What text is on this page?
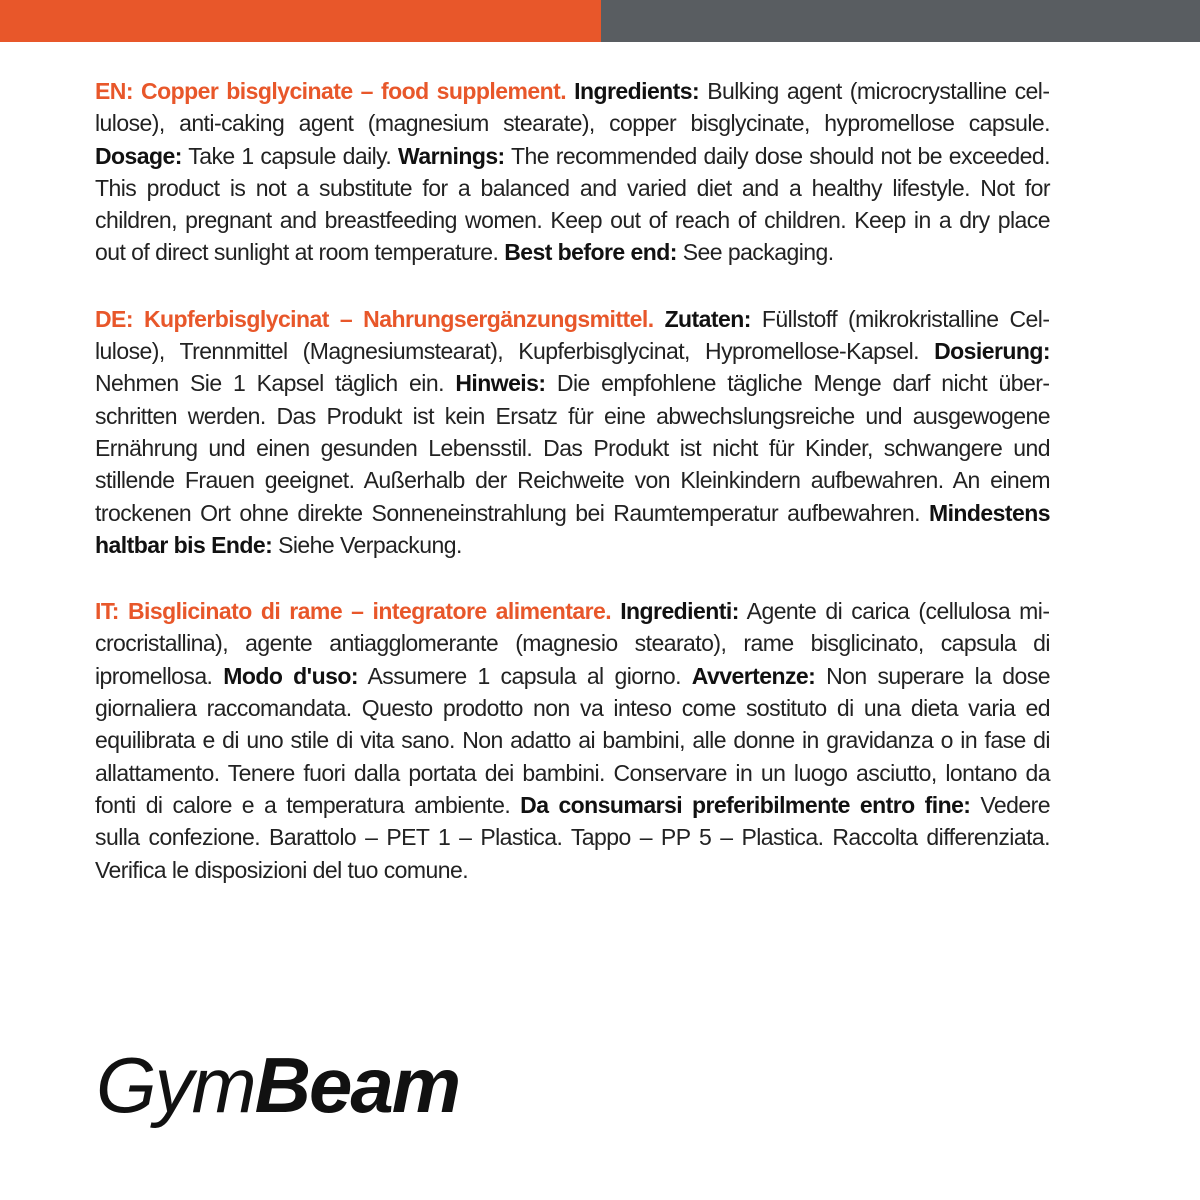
EN: Copper bisglycinate – food supplement. Ingredients: Bulking agent (microcrystalline cellulose), anti-caking agent (magnesium stearate), copper bisglycinate, hypromellose capsule. Dosage: Take 1 capsule daily. Warnings: The recommended daily dose should not be exceeded. This product is not a substitute for a balanced and varied diet and a healthy lifestyle. Not for children, pregnant and breastfeeding women. Keep out of reach of children. Keep in a dry place out of direct sunlight at room temperature. Best before end: See packaging.

DE: Kupferbisglycinat – Nahrungsergänzungsmittel. Zutaten: Füllstoff (mikrokristalline Cellulose), Trennmittel (Magnesiumstearat), Kupferbisglycinat, Hypromellose-Kapsel. Dosierung: Nehmen Sie 1 Kapsel täglich ein. Hinweis: Die empfohlene tägliche Menge darf nicht überschritten werden. Das Produkt ist kein Ersatz für eine abwechslungsreiche und ausgewogene Ernährung und einen gesunden Lebensstil. Das Produkt ist nicht für Kinder, schwangere und stillende Frauen geeignet. Außerhalb der Reichweite von Kleinkindern aufbewahren. An einem trockenen Ort ohne direkte Sonneneinstrahlung bei Raumtemperatur aufbewahren. Mindestens haltbar bis Ende: Siehe Verpackung.

IT: Bisglicinato di rame – integratore alimentare. Ingredienti: Agente di carica (cellulosa microcristallina), agente antiagglomerante (magnesio stearato), rame bisglicinato, capsula di ipromellosa. Modo d'uso: Assumere 1 capsula al giorno. Avvertenze: Non superare la dose giornaliera raccomandata. Questo prodotto non va inteso come sostituto di una dieta varia ed equilibrata e di uno stile di vita sano. Non adatto ai bambini, alle donne in gravidanza o in fase di allattamento. Tenere fuori dalla portata dei bambini. Conservare in un luogo asciutto, lontano da fonti di calore e a temperatura ambiente. Da consumarsi preferibilmente entro fine: Vedere sulla confezione. Barattolo – PET 1 – Plastica. Tappo – PP 5 – Plastica. Raccolta differenziata. Verifica le disposizioni del tuo comune.

GymBeam
